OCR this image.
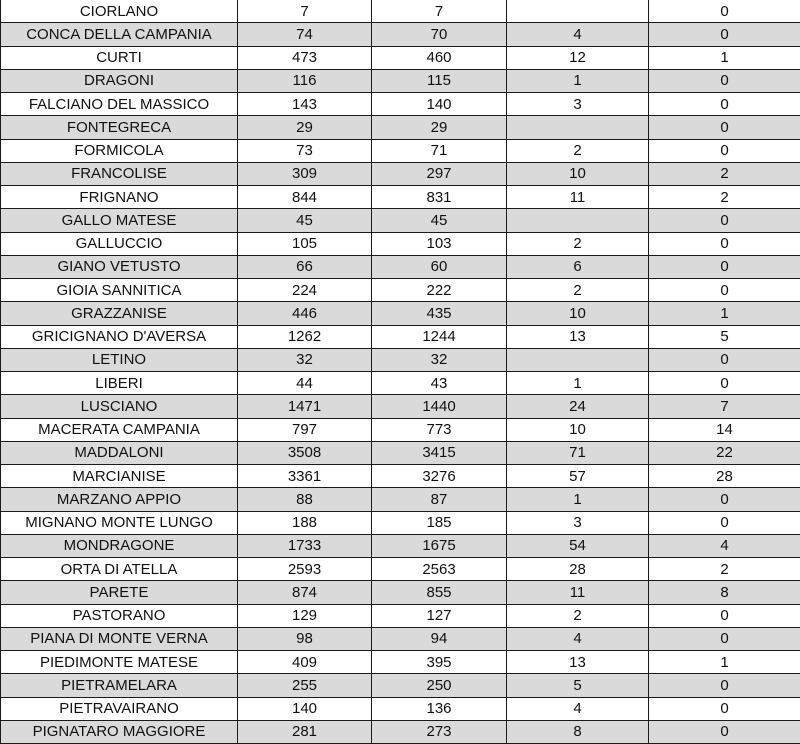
CIORLANO	7	7		0
CONCA DELLA CAMPANIA	74	70	4	0
CURTI	473	460	12	1
DRAGONI	116	115	1	0
FALCIANO DEL MASSICO	143	140	3	0
FONTEGRECA	29	29		0
FORMICOLA	73	71	2	0
FRANCOLISE	309	297	10	2
FRIGNANO	844	831	11	2
GALLO MATESE	45	45		0
GALLUCCIO	105	103	2	0
GIANO VETUSTO	66	60	6	0
GIOIA SANNITICA	224	222	2	0
GRAZZANISE	446	435	10	1
GRICIGNANO D'AVERSA	1262	1244	13	5
LETINO	32	32		0
LIBERI	44	43	1	0
LUSCIANO	1471	1440	24	7
MACERATA CAMPANIA	797	773	10	14
MADDALONI	3508	3415	71	22
MARCIANISE	3361	3276	57	28
MARZANO APPIO	88	87	1	0
MIGNANO MONTE LUNGO	188	185	3	0
MONDRAGONE	1733	1675	54	4
ORTA DI ATELLA	2593	2563	28	2
PARETE	874	855	11	8
PASTORANO	129	127	2	0
PIANA DI MONTE VERNA	98	94	4	0
PIEDIMONTE MATESE	409	395	13	1
PIETRAMELARA	255	250	5	0
PIETRAVAIRANO	140	136	4	0
PIGNATARO MAGGIORE	281	273	8	0
